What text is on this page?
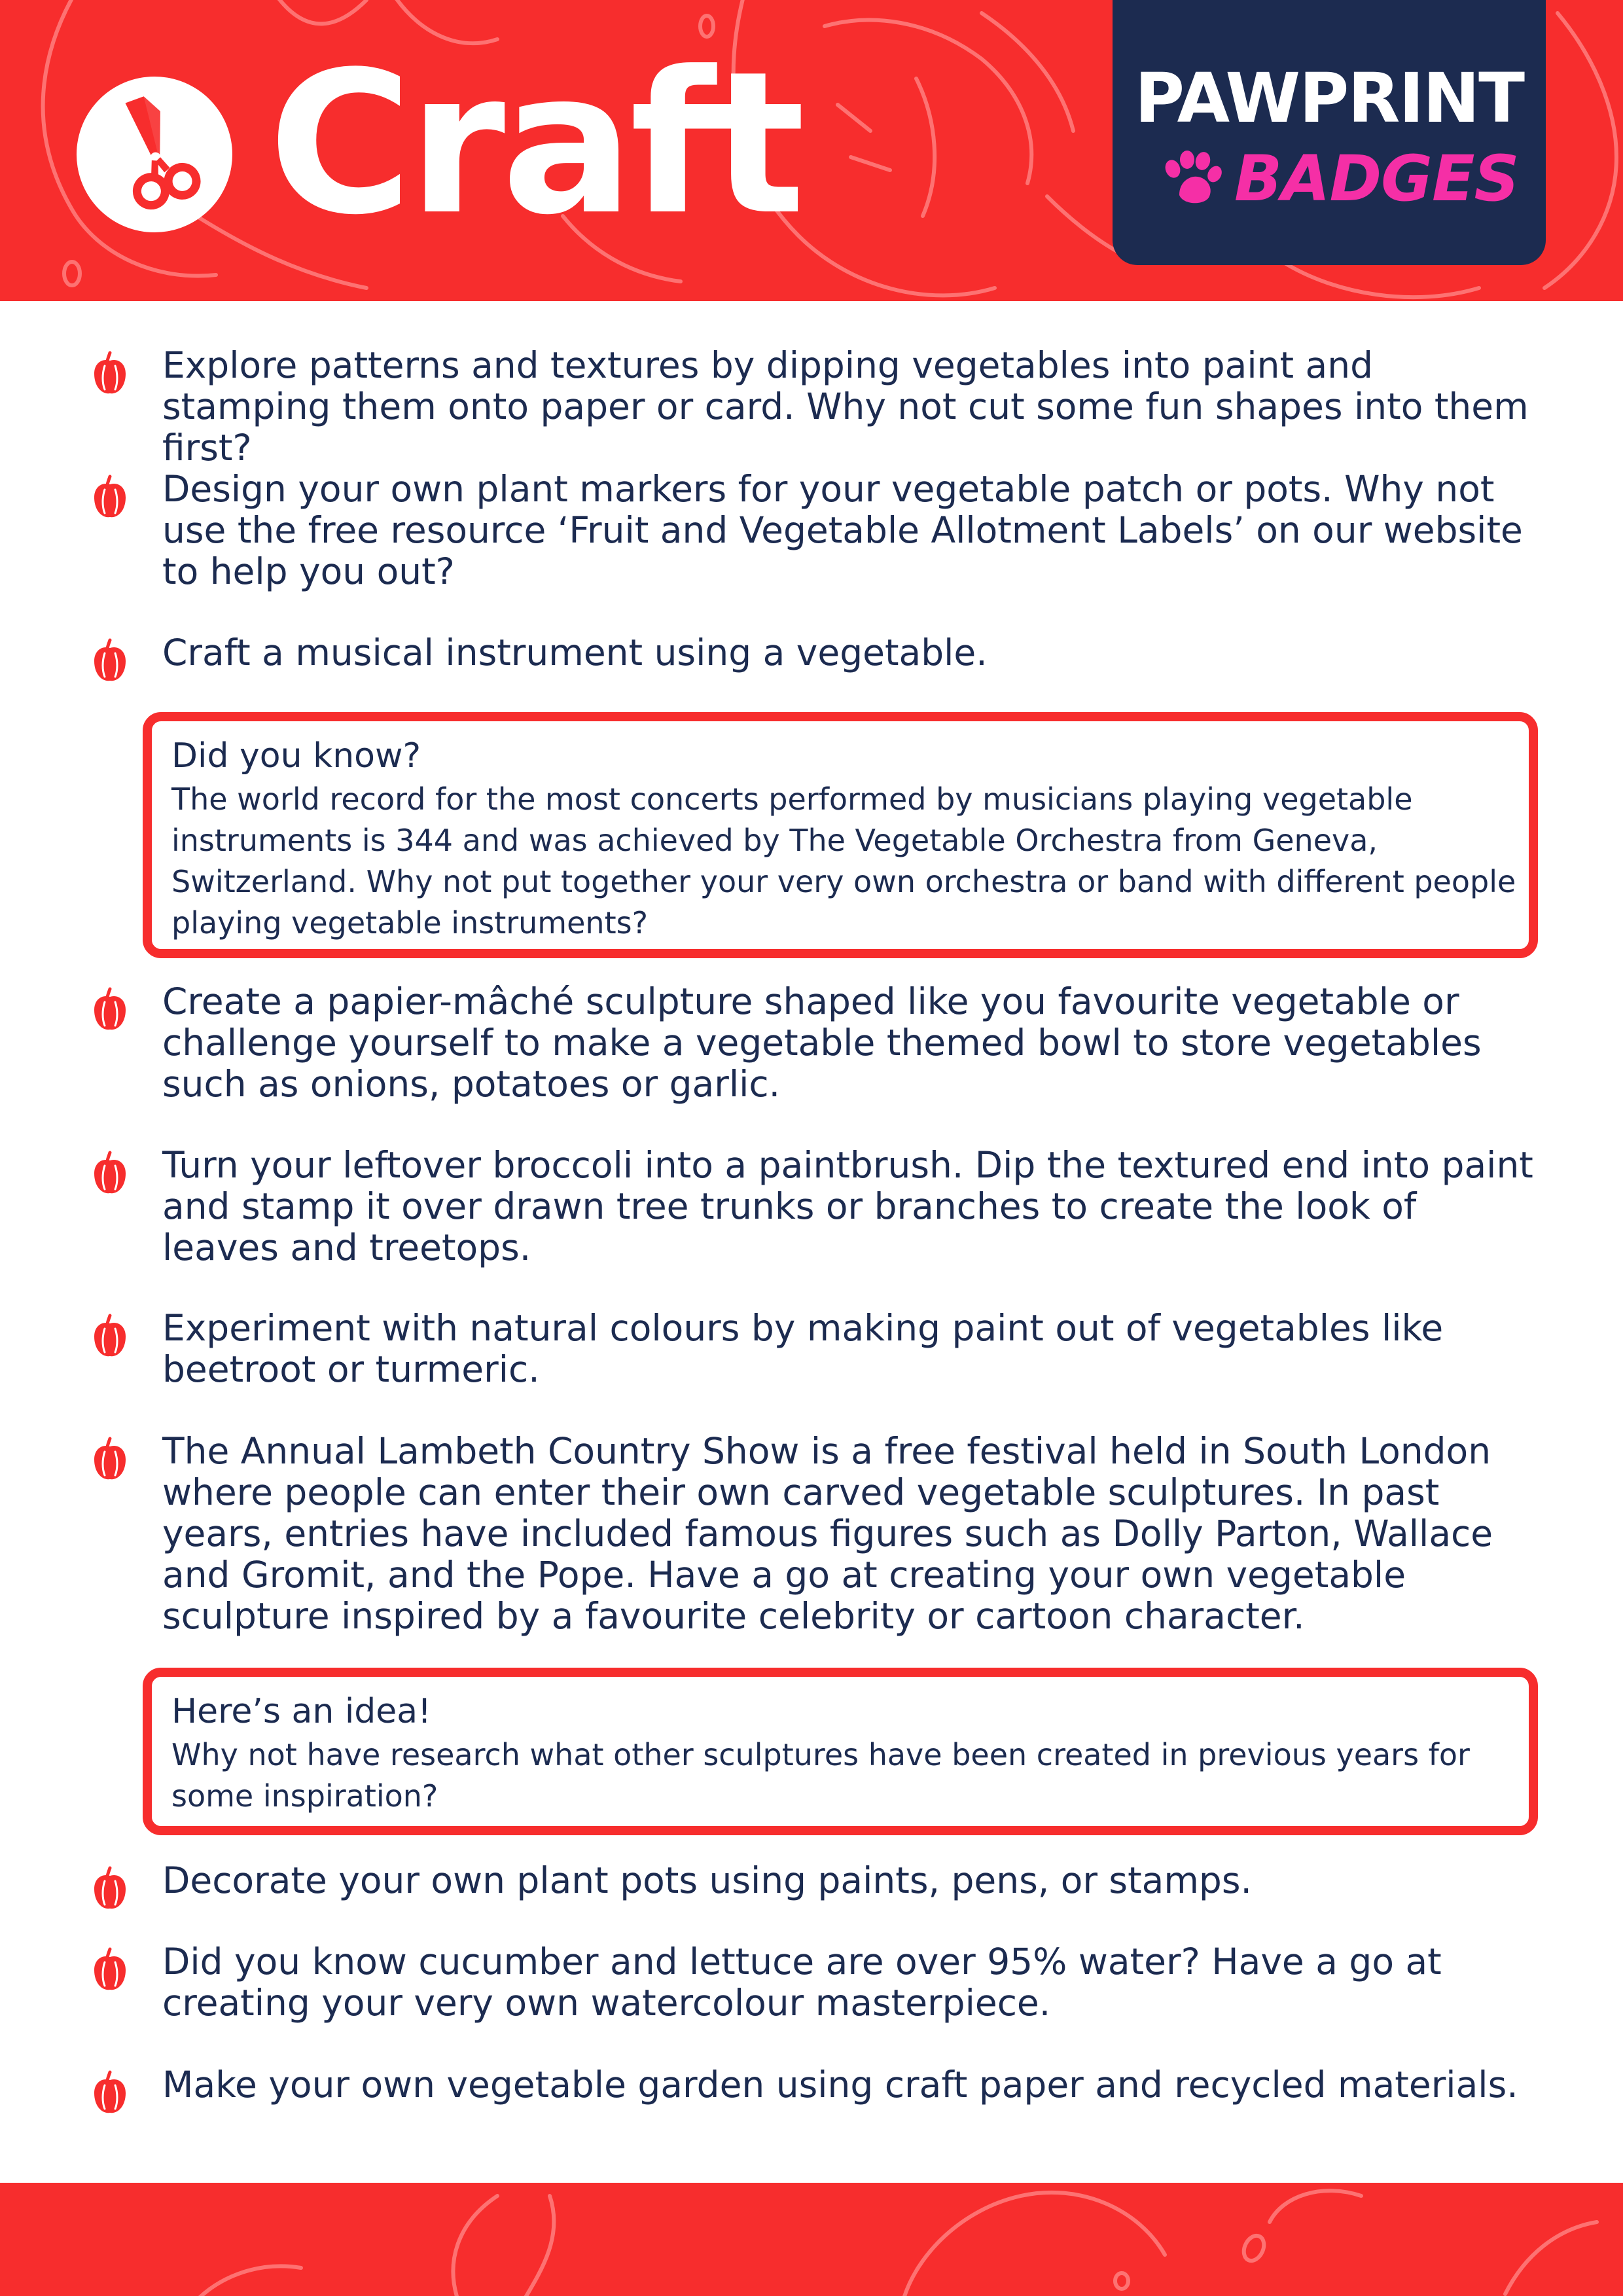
Craft	PAWPRINT
BADGES

Explore patterns and textures by dipping vegetables into paint and stamping them onto paper or card. Why not cut some fun shapes into them first?

Design your own plant markers for your vegetable patch or pots. Why not use the free resource ‘Fruit and Vegetable Allotment Labels’ on our website to help you out?

Craft a musical instrument using a vegetable.

Did you know?

The world record for the most concerts performed by musicians playing vegetable instruments is 344 and was achieved by The Vegetable Orchestra from Geneva, Switzerland. Why not put together your very own orchestra or band with different people playing vegetable instruments?

Create a papier-mâché sculpture shaped like you favourite vegetable or challenge yourself to make a vegetable themed bowl to store vegetables such as onions, potatoes or garlic.

Turn your leftover broccoli into a paintbrush. Dip the textured end into paint and stamp it over drawn tree trunks or branches to create the look of leaves and treetops.

Experiment with natural colours by making paint out of vegetables like beetroot or turmeric.

The Annual Lambeth Country Show is a free festival held in South London where people can enter their own carved vegetable sculptures. In past years, entries have included famous figures such as Dolly Parton, Wallace and Gromit, and the Pope. Have a go at creating your own vegetable sculpture inspired by a favourite celebrity or cartoon character.

Here’s an idea!

Why not have research what other sculptures have been created in previous years for some inspiration?

Decorate your own plant pots using paints, pens, or stamps.

Did you know cucumber and lettuce are over 95% water? Have a go at creating your very own watercolour masterpiece.

Make your own vegetable garden using craft paper and recycled materials.
